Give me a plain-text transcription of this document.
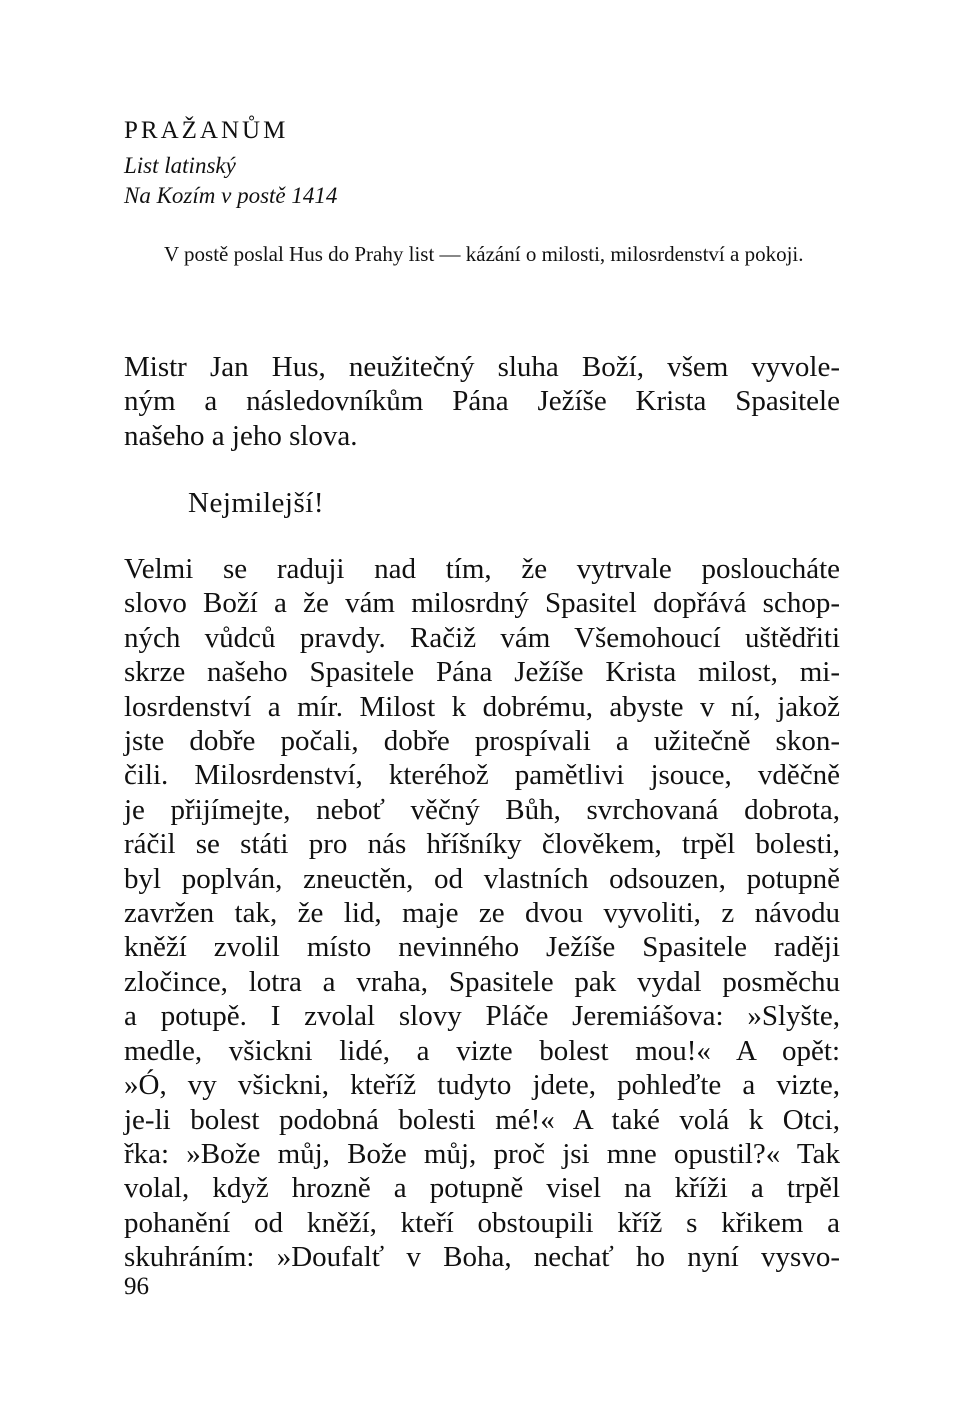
PRAŽANŮM

List latinský

Na Kozím v postě 1414

V postě poslal Hus do Prahy list — kázání o milosti, milosrdenství a pokoji.

Mistr Jan Hus, neužitečný sluha Boží, všem vyvole-
ným a následovníkům Pána Ježíše Krista Spasitele
našeho a jeho slova.

Nejmilejší!

Velmi se raduji nad tím, že vytrvale posloucháte
slovo Boží a že vám milosrdný Spasitel dopřává schop-
ných vůdců pravdy. Račiž vám Všemohoucí uštědřiti
skrze našeho Spasitele Pána Ježíše Krista milost, mi-
losrdenství a mír. Milost k dobrému, abyste v ní, jakož
jste dobře počali, dobře prospívali a užitečně skon-
čili. Milosrdenství, kteréhož pamětlivi jsouce, vděčně
je přijímejte, neboť věčný Bůh, svrchovaná dobrota,
ráčil se státi pro nás hříšníky člověkem, trpěl bolesti,
byl poplván, zneuctěn, od vlastních odsouzen, potupně
zavržen tak, že lid, maje ze dvou vyvoliti, z návodu
kněží zvolil místo nevinného Ježíše Spasitele raději
zločince, lotra a vraha, Spasitele pak vydal posměchu
a potupě. I zvolal slovy Pláče Jeremiášova: »Slyšte,
medle, všickni lidé, a vizte bolest mou!« A opět:
»Ó, vy všickni, kteříž tudyto jdete, pohleďte a vizte,
je-li bolest podobná bolesti mé!« A také volá k Otci,
řka: »Bože můj, Bože můj, proč jsi mne opustil?« Tak
volal, když hrozně a potupně visel na kříži a trpěl
pohanění od kněží, kteří obstoupili kříž s křikem a
skuhráním: »Doufalť v Boha, nechať ho nyní vysvo-

96
